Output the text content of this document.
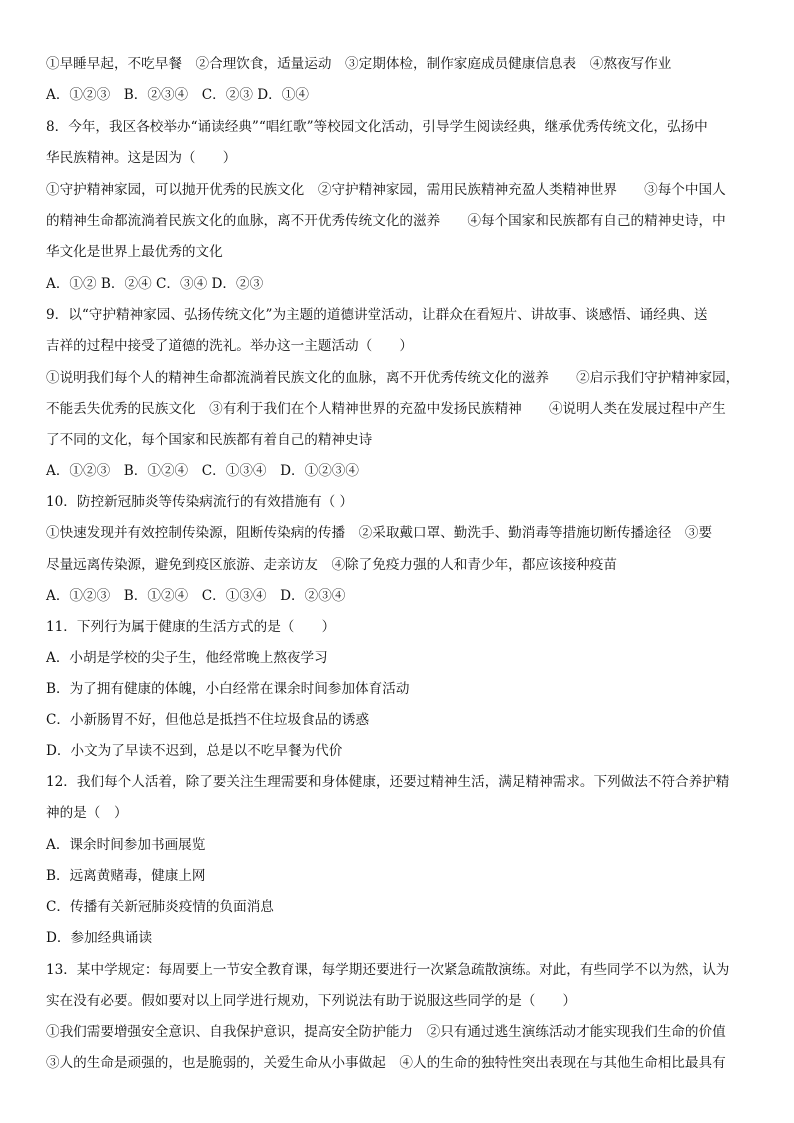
①早睡早起，不吃早餐　②合理饮食，适量运动　③定期体检，制作家庭成员健康信息表　④熬夜写作业
A．①②③　B．②③④　C．②③ D．①④
8．今年，我区各校举办“诵读经典”“唱红歌”等校园文化活动，引导学生阅读经典，继承优秀传统文化，弘扬中
华民族精神。这是因为（　　）
①守护精神家园，可以抛开优秀的民族文化　②守护精神家园，需用民族精神充盈人类精神世界　　③每个中国人
的精神生命都流淌着民族文化的血脉，离不开优秀传统文化的滋养　　④每个国家和民族都有自己的精神史诗，中
华文化是世界上最优秀的文化
A．①② B．②④ C．③④ D．②③
9．以“守护精神家园、弘扬传统文化”为主题的道德讲堂活动，让群众在看短片、讲故事、谈感悟、诵经典、送
吉祥的过程中接受了道德的洗礼。举办这一主题活动（　　）
①说明我们每个人的精神生命都流淌着民族文化的血脉，离不开优秀传统文化的滋养　　②启示我们守护精神家园，
不能丢失优秀的民族文化　③有利于我们在个人精神世界的充盈中发扬民族精神　　④说明人类在发展过程中产生
了不同的文化，每个国家和民族都有着自己的精神史诗
A．①②③　B．①②④　C．①③④　D．①②③④
10．防控新冠肺炎等传染病流行的有效措施有（ ）
①快速发现并有效控制传染源，阻断传染病的传播　②采取戴口罩、勤洗手、勤消毒等措施切断传播途径　③要
尽量远离传染源，避免到疫区旅游、走亲访友　④除了免疫力强的人和青少年，都应该接种疫苗
A．①②③　B．①②④　C．①③④　D．②③④
11．下列行为属于健康的生活方式的是（　　）
A．小胡是学校的尖子生，他经常晚上熬夜学习
B．为了拥有健康的体魄，小白经常在课余时间参加体育活动
C．小新肠胃不好，但他总是抵挡不住垃圾食品的诱惑
D．小文为了早读不迟到，总是以不吃早餐为代价
12．我们每个人活着，除了要关注生理需要和身体健康，还要过精神生活，满足精神需求。下列做法不符合养护精
神的是（　）
A．课余时间参加书画展览
B．远离黄赌毒，健康上网
C．传播有关新冠肺炎疫情的负面消息
D．参加经典诵读
13．某中学规定：每周要上一节安全教育课，每学期还要进行一次紧急疏散演练。对此，有些同学不以为然，认为
实在没有必要。假如要对以上同学进行规劝，下列说法有助于说服这些同学的是（　　）
①我们需要增强安全意识、自我保护意识，提高安全防护能力　②只有通过逃生演练活动才能实现我们生命的价值
③人的生命是顽强的，也是脆弱的，关爱生命从小事做起　④人的生命的独特性突出表现在与其他生命相比最具有
